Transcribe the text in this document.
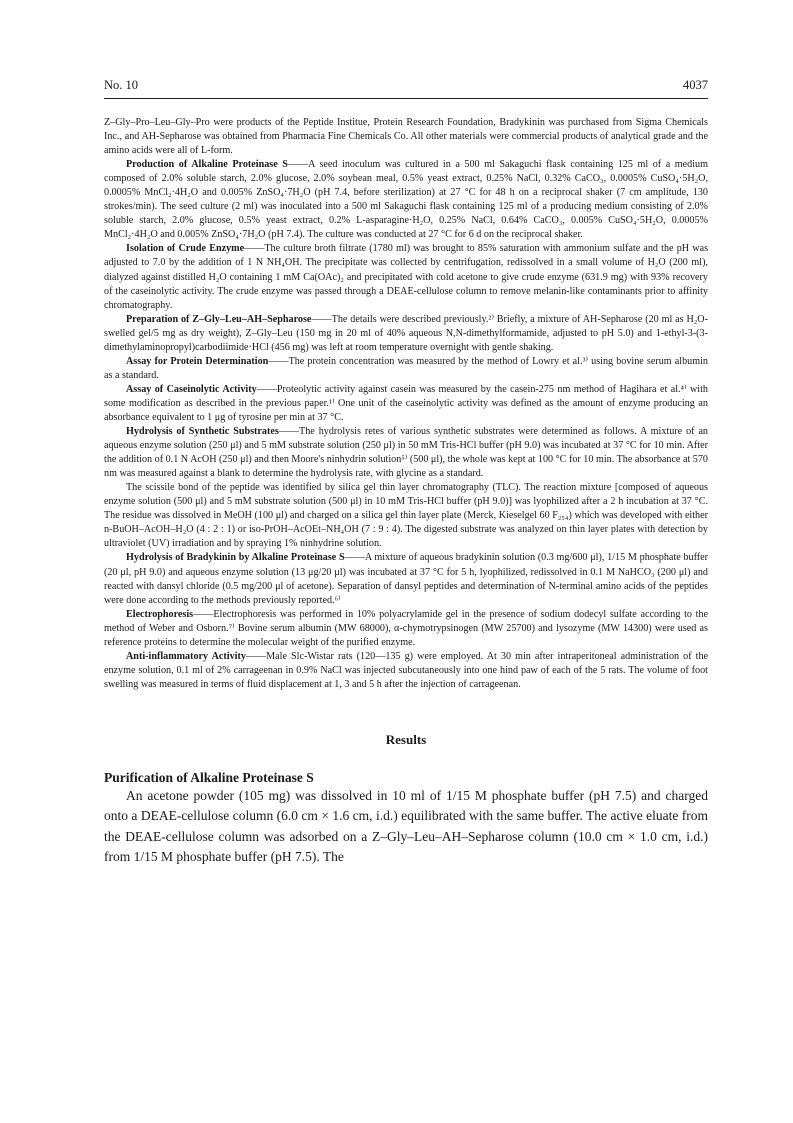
No. 10	4037

Z–Gly–Pro–Leu–Gly–Pro were products of the Peptide Institue, Protein Research Foundation, Bradykinin was purchased from Sigma Chemicals Inc., and AH-Sepharose was obtained from Pharmacia Fine Chemicals Co. All other materials were commercial products of analytical grade and the amino acids were all of L-form.

Production of Alkaline Proteinase S——A seed inoculum was cultured in a 500 ml Sakaguchi flask containing 125 ml of a medium composed of 2.0% soluble starch, 2.0% glucose, 2.0% soybean meal, 0.5% yeast extract, 0.25% NaCl, 0.32% CaCO₃, 0.0005% CuSO₄·5H₂O, 0.0005% MnCl₂·4H₂O and 0.005% ZnSO₄·7H₂O (pH 7.4, before sterilization) at 27 °C for 48 h on a reciprocal shaker (7 cm amplitude, 130 strokes/min). The seed culture (2 ml) was inoculated into a 500 ml Sakaguchi flask containing 125 ml of a producing medium consisting of 2.0% soluble starch, 2.0% glucose, 0.5% yeast extract, 0.2% L-asparagine·H₂O, 0.25% NaCl, 0.64% CaCO₃, 0.005% CuSO₄·5H₂O, 0.0005% MnCl₂·4H₂O and 0.005% ZnSO₄·7H₂O (pH 7.4). The culture was conducted at 27 °C for 6 d on the reciprocal shaker.

Isolation of Crude Enzyme——The culture broth filtrate (1780 ml) was brought to 85% saturation with ammonium sulfate and the pH was adjusted to 7.0 by the addition of 1 N NH₄OH. The precipitate was collected by centrifugation, redissolved in a small volume of H₂O (200 ml), dialyzed against distilled H₂O containing 1 mM Ca(OAc)₂ and precipitated with cold acetone to give crude enzyme (631.9 mg) with 93% recovery of the caseinolytic activity. The crude enzyme was passed through a DEAE-cellulose column to remove melanin-like contaminants prior to affinity chromatography.

Preparation of Z–Gly–Leu–AH–Sepharose——The details were described previously.²⁾ Briefly, a mixture of AH-Sepharose (20 ml as H₂O-swelled gel/5 mg as dry weight), Z–Gly–Leu (150 mg in 20 ml of 40% aqueous N,N-dimethylformamide, adjusted to pH 5.0) and 1-ethyl-3-(3-dimethylaminopropyl)carbodiimide·HCl (456 mg) was left at room temperature overnight with gentle shaking.

Assay for Protein Determination——The protein concentration was measured by the method of Lowry et al.³⁾ using bovine serum albumin as a standard.

Assay of Caseinolytic Activity——Proteolytic activity against casein was measured by the casein-275 nm method of Hagihara et al.⁴⁾ with some modification as described in the previous paper.¹⁾ One unit of the caseinolytic activity was defined as the amount of enzyme producing an absorbance equivalent to 1 μg of tyrosine per min at 37 °C.

Hydrolysis of Synthetic Substrates——The hydrolysis retes of various synthetic substrates were determined as follows. A mixture of an aqueous enzyme solution (250 μl) and 5 mM substrate solution (250 μl) in 50 mM Tris-HCl buffer (pH 9.0) was incubated at 37 °C for 10 min. After the addition of 0.1 N AcOH (250 μl) and then Moore's ninhydrin solution⁵⁾ (500 μl), the whole was kept at 100 °C for 10 min. The absorbance at 570 nm was measured against a blank to determine the hydrolysis rate, with glycine as a standard.

The scissile bond of the peptide was identified by silica gel thin layer chromatography (TLC). The reaction mixture [composed of aqueous enzyme solution (500 μl) and 5 mM substrate solution (500 μl) in 10 mM Tris-HCl buffer (pH 9.0)] was lyophilized after a 2 h incubation at 37 °C. The residue was dissolved in MeOH (100 μl) and charged on a silica gel thin layer plate (Merck, Kieselgel 60 F₂₅₄) which was developed with either n-BuOH–AcOH–H₂O (4 : 2 : 1) or iso-PrOH–AcOEt–NH₄OH (7 : 9 : 4). The digested substrate was analyzed on thin layer plates with detection by ultraviolet (UV) irradiation and by spraying 1% ninhydrine solution.

Hydrolysis of Bradykinin by Alkaline Proteinase S——A mixture of aqueous bradykinin solution (0.3 mg/600 μl), 1/15 M phosphate buffer (20 μl, pH 9.0) and aqueous enzyme solution (13 μg/20 μl) was incubated at 37 °C for 5 h, lyophilized, redissolved in 0.1 M NaHCO₃ (200 μl) and reacted with dansyl chloride (0.5 mg/200 μl of acetone). Separation of dansyl peptides and determination of N-terminal amino acids of the peptides were done according to the methods previously reported.⁶⁾

Electrophoresis——Electrophoresis was performed in 10% polyacrylamide gel in the presence of sodium dodecyl sulfate according to the method of Weber and Osborn.⁷⁾ Bovine serum albumin (MW 68000), α-chymotrypsinogen (MW 25700) and lysozyme (MW 14300) were used as reference proteins to determine the molecular weight of the purified enzyme.

Anti-inflammatory Activity——Male Slc-Wistar rats (120—135 g) were employed. At 30 min after intraperitoneal administration of the enzyme solution, 0.1 ml of 2% carrageenan in 0.9% NaCl was injected subcutaneously into one hind paw of each of the 5 rats. The volume of foot swelling was measured in terms of fluid displacement at 1, 3 and 5 h after the injection of carrageenan.

Results
Purification of Alkaline Proteinase S

An acetone powder (105 mg) was dissolved in 10 ml of 1/15 M phosphate buffer (pH 7.5) and charged onto a DEAE-cellulose column (6.0 cm × 1.6 cm, i.d.) equilibrated with the same buffer. The active eluate from the DEAE-cellulose column was adsorbed on a Z–Gly–Leu–AH–Sepharose column (10.0 cm × 1.0 cm, i.d.) from 1/15 M phosphate buffer (pH 7.5). The
